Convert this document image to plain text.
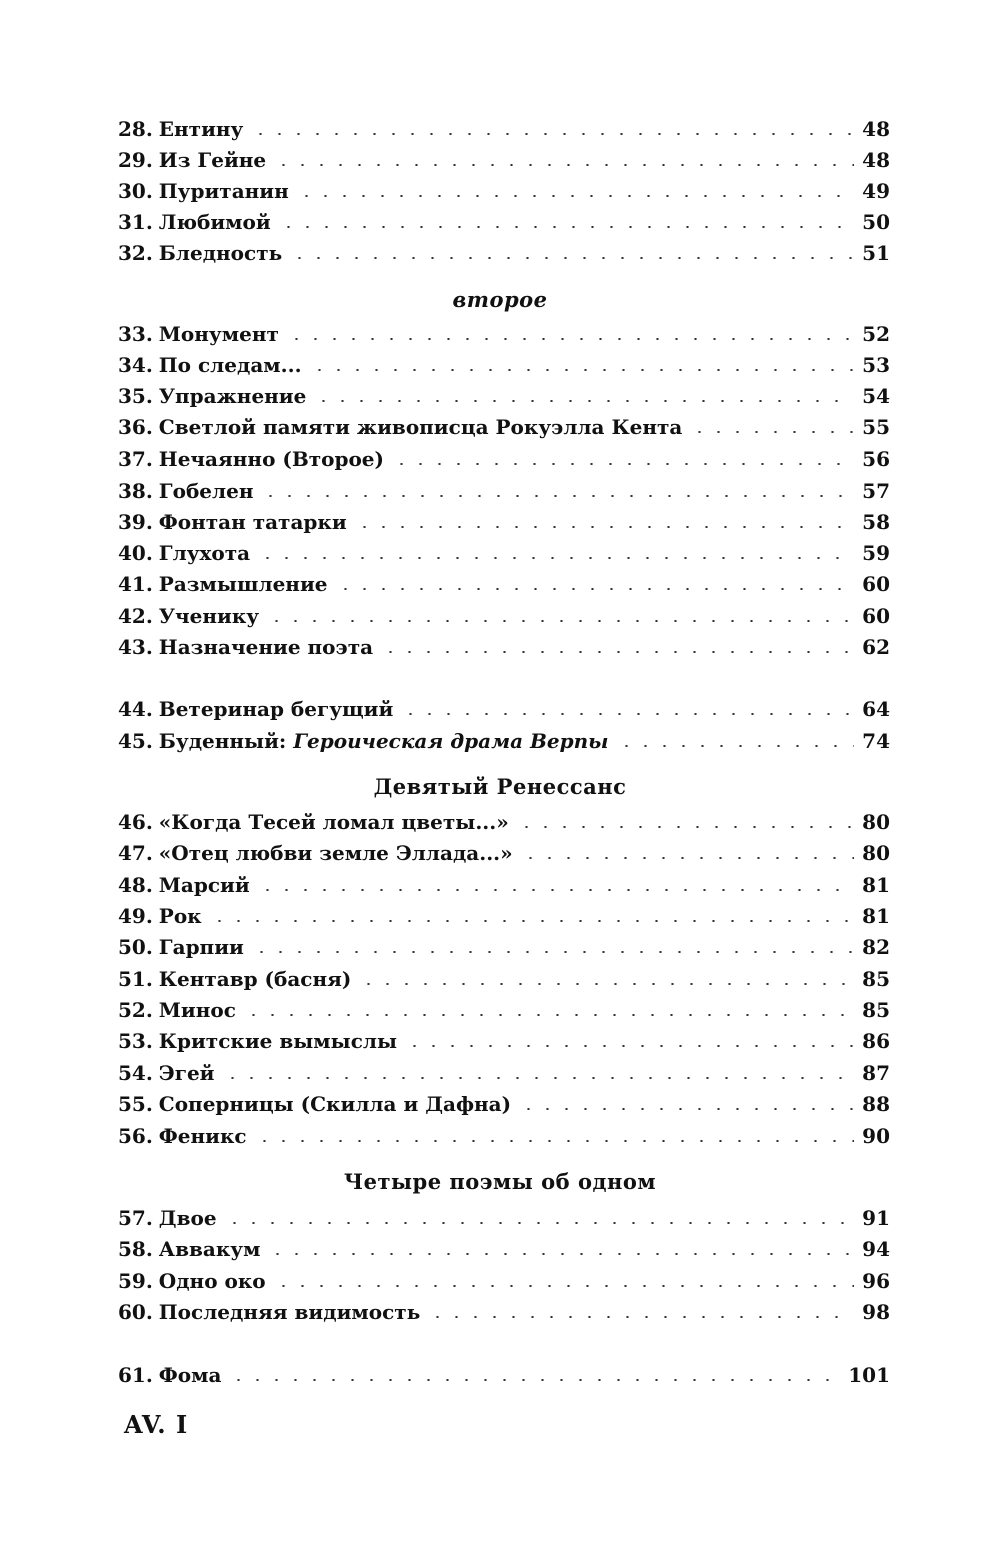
28. Ентину	48
29. Из Гейне	48
30. Пуританин	49
31. Любимой	50
32. Бледность	51
второе
33. Монумент	52
34. По следам...	53
35. Упражнение	54
36. Светлой памяти живописца Рокуэлла Кента	55
37. Нечаянно (Второе)	56
38. Гобелен	57
39. Фонтан татарки	58
40. Глухота	59
41. Размышление	60
42. Ученику	60
43. Назначение поэта	62
44. Ветеринар бегущий	64
45. Буденный: Героическая драма Верпы	74
Девятый Ренессанс
46. «Когда Тесей ломал цветы...»	80
47. «Отец любви земле Эллада...»	80
48. Марсий	81
49. Рок	81
50. Гарпии	82
51. Кентавр (басня)	85
52. Минос	85
53. Критские вымыслы	86
54. Эгей	87
55. Соперницы (Скилла и Дафна)	88
56. Феникс	90
Четыре поэмы об одном
57. Двое	91
58. Аввакум	94
59. Одно око	96
60. Последняя видимость	98
61. Фома	101
AV. I
